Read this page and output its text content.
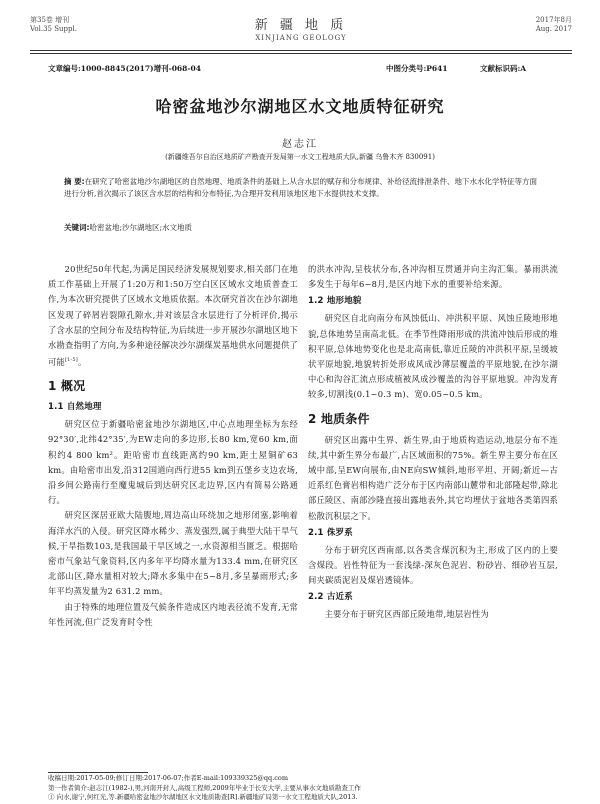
第35卷 增刊
Vol.35 Suppl.	新 疆 地 质
XINJIANG GEOLOGY
2017年8月
Aug. 2017
文章编号:1000-8845(2017)增刊-068-04	中图分类号:P641	文献标识码:A
哈密盆地沙尔湖地区水文地质特征研究
赵志江
(新疆维吾尔自治区地质矿产勘查开发局第一水文工程地质大队,新疆 乌鲁木齐 830091)
摘 要:在研究了哈密盆地沙尔湖地区的自然地理、地质条件的基础上,从含水层的赋存和分布规律、补给径流排泄条件、地下水水化学特征等方面进行分析,首次揭示了该区含水层的结构和分布特征,为合理开发利用该地区地下水提供技术支撑。
关键词:哈密盆地;沙尔湖地区;水文地质

20世纪50年代起,为满足国民经济发展规划要求,相关部门在地质工作基础上开展了1:20万和1:50万空白区区域水文地质普查工作,为本次研究提供了区域水文地质依据。本次研究首次在沙尔湖地区发现了碎屑岩裂隙孔隙水,并对该层含水层进行了分析评价,揭示了含水层的空间分布及结构特征,为后续进一步开展沙尔湖地区地下水勘查指明了方向,为多种途径解决沙尔湖煤炭基地供水问题提供了可能[1-5]。

1 概况
1.1 自然地理

研究区位于新疆哈密盆地沙尔湖地区,中心点地理坐标为东经92°30′,北纬42°35′,为EW走向的多边形,长80 km,宽60 km,面积约4 800 km²。距哈密市直线距离约90 km,距土屋铜矿63 km。由哈密市出发,沿312国道向西行进55 km到五堡乡支边农场,沿乡间公路南行至魔鬼城后到达研究区北边界,区内有简易公路通行。

研究区深居亚欧大陆腹地,周边高山环绕加之地形闭塞,影响着海洋水汽的入侵。研究区降水稀少、蒸发强烈,属于典型大陆干旱气候,干旱指数103,是我国最干旱区域之一,水资源相当匮乏。根据哈密市气象站气象资料,区内多年平均降水量为133.4 mm,在研究区北部山区,降水量相对较大;降水多集中在5~8月,多呈暴雨形式;多年平均蒸发量为2 631.2 mm。

由于特殊的地理位置及气候条件造成区内地表径流不发育,无常年性河流,但广泛发育时令性

的洪水冲沟,呈枝状分布,各冲沟相互贯通并向主沟汇集。暴雨洪流多发生于每年6~8月,是区内地下水的重要补给来源。

1.2 地形地貌

研究区自北向南分布风蚀低山、冲洪积平原、风蚀丘陵地形地貌,总体地势呈南高北低。在季节性降雨形成的洪流冲蚀后形成的堆积平原,总体地势变化也是北高南低,靠近丘陵的冲洪积平原,呈缓坡状平原地貌,地貌转折处形成风成沙薄层覆盖的平原地貌,在沙尔湖中心和沟谷汇流点形成植被风成沙覆盖的沟谷平原地貌。冲沟发育较多,切割浅(0.1~0.3 m)、宽0.05~0.5 km。

2 地质条件

研究区出露中生界、新生界,由于地质构造运动,地层分布不连续,其中新生界分布最广,占区域面积的75%。新生界主要分布在区域中部,呈EW向展布,由NE向SW倾斜,地形平坦、开阔;新近—古近系红色膏岩相构造广泛分布于区内南部山麓带和北部隆起带,除北部丘陵区、南部沙隆直接出露地表外,其它均埋伏于盆地各类第四系松散沉积层之下。

2.1 侏罗系

分布于研究区西南部,以各类含煤沉积为主,形成了区内的上要含煤段。岩性特征为一套浅绿-深灰色泥岩、粉砂岩、细砂岩互层,间夹碳质泥岩及煤岩透镜体。

2.2 古近系

主要分布于研究区西部丘陵地带,地层岩性为

收稿日期:2017-05-09;修订日期:2017-06-07;作者E-mail:109339325@qq.com
第一作者简介:赵志江(1982-),男,河南开封人,高级工程师,2009年毕业于长安大学,主要从事水文地质勘查工作
① 向水,谢宁,何红光,等.新疆哈密盆地沙尔湖地区水文地质勘查[R].新疆地矿局第一水文工程地质大队,2013.
